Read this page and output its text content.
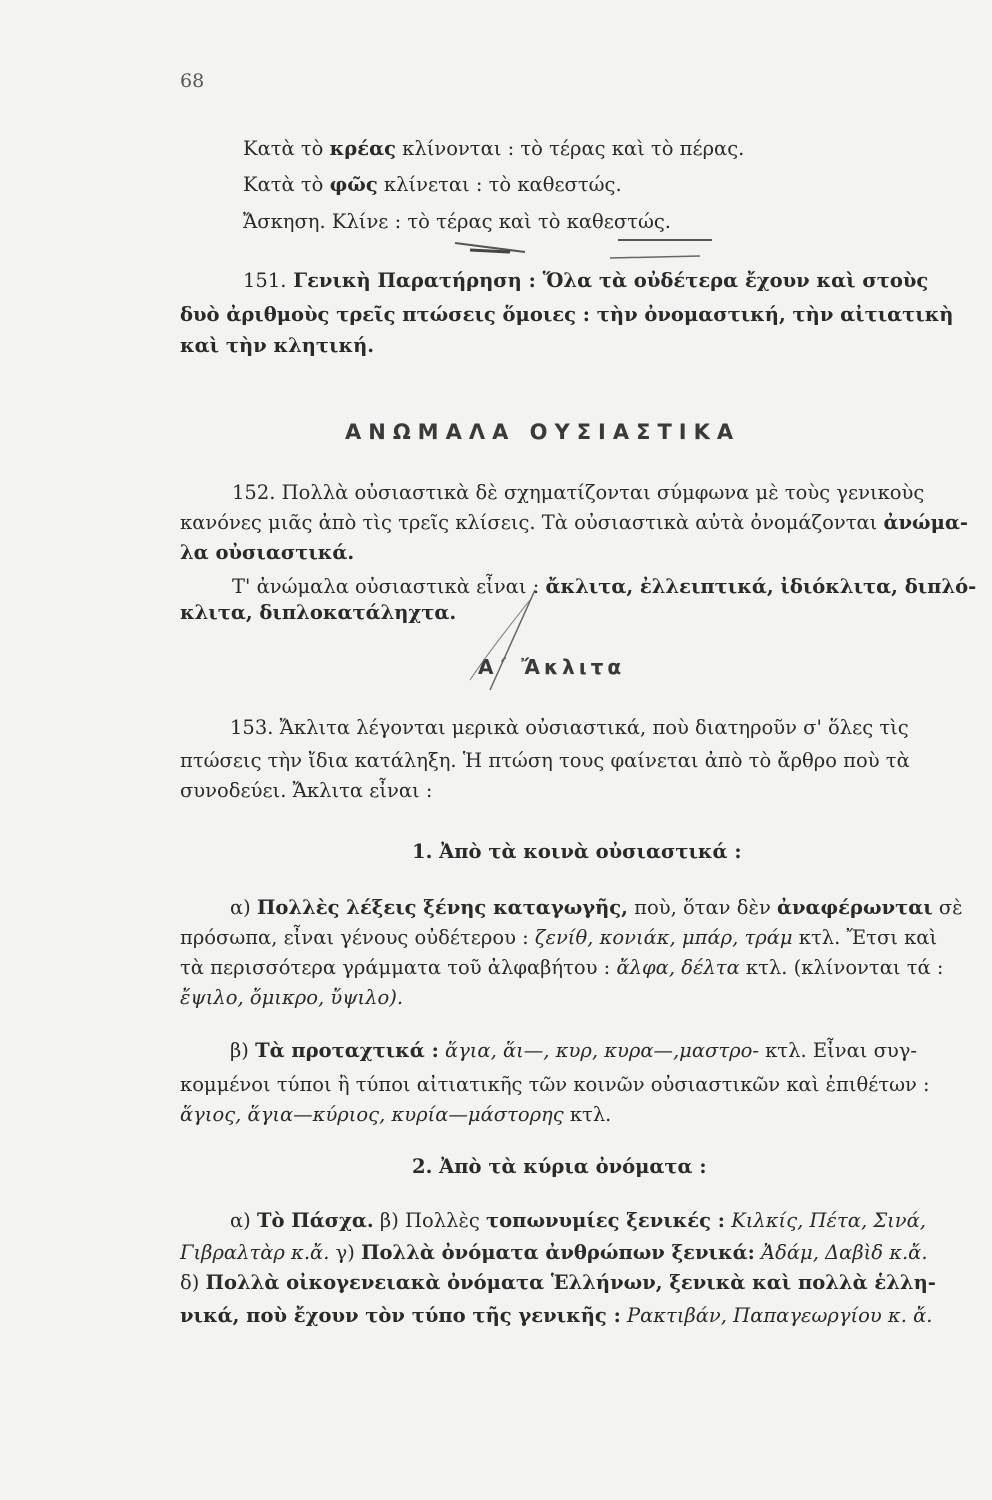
68
Κατὰ τὸ κρέας κλίνονται : τὸ τέρας καὶ τὸ πέρας.
Κατὰ τὸ φῶς κλίνεται : τὸ καθεστώς.
Ἄσκηση. Κλίνε : τὸ τέρας καὶ τὸ καθεστώς.
151. Γενικὴ Παρατήρηση : Ὅλα τὰ οὐδέτερα ἔχουν καὶ στοὺς
δυὸ ἀριθμοὺς τρεῖς πτώσεις ὅμοιες : τὴν ὀνομαστική, τὴν αἰτιατικὴ
καὶ τὴν κλητική.
ΑΝΩΜΑΛΑ ΟΥΣΙΑΣΤΙΚΑ
152. Πολλὰ οὐσιαστικὰ δὲ σχηματίζονται σύμφωνα μὲ τοὺς γενικοὺς
κανόνες μιᾶς ἀπὸ τὶς τρεῖς κλίσεις. Τὰ οὐσιαστικὰ αὐτὰ ὀνομάζονται ἀνώμα-
λα οὐσιαστικά.
Τ' ἀνώμαλα οὐσιαστικὰ εἶναι : ἄκλιτα, ἐλλειπτικά, ἰδιόκλιτα, διπλό-
κλιτα, διπλοκατάληχτα.
Α΄ Ἄκλιτα
153. Ἄκλιτα λέγονται μερικὰ οὐσιαστικά, ποὺ διατηροῦν σ' ὅλες τὶς
πτώσεις τὴν ἴδια κατάληξη. Ἡ πτώση τους φαίνεται ἀπὸ τὸ ἄρθρο ποὺ τὰ
συνοδεύει. Ἄκλιτα εἶναι :
1. Ἀπὸ τὰ κοινὰ οὐσιαστικά :
α) Πολλὲς λέξεις ξένης καταγωγῆς, ποὺ, ὅταν δὲν ἀναφέρωνται σὲ
πρόσωπα, εἶναι γένους οὐδέτερου : ζενίθ, κονιάκ, μπάρ, τράμ κτλ. Ἔτσι καὶ
τὰ περισσότερα γράμματα τοῦ ἀλφαβήτου : ἄλφα, δέλτα κτλ. (κλίνονται τά :
ἔψιλο, ὄμικρο, ὔψιλο).
β) Τὰ προταχτικά : ἅγια, ἅι—, κυρ, κυρα—,μαστρο- κτλ. Εἶναι συγ-
κομμένοι τύποι ἢ τύποι αἰτιατικῆς τῶν κοινῶν οὐσιαστικῶν καὶ ἐπιθέτων :
ἅγιος, ἅγια—κύριος, κυρία—μάστορης κτλ.
2. Ἀπὸ τὰ κύρια ὀνόματα :
α) Τὸ Πάσχα. β) Πολλὲς τοπωνυμίες ξενικές : Κιλκίς, Πέτα, Σινά,
Γιβραλτὰρ κ.ἄ. γ) Πολλὰ ὀνόματα ἀνθρώπων ξενικά: Ἀδάμ, Δαβὶδ κ.ἄ.
δ) Πολλὰ οἰκογενειακὰ ὀνόματα Ἑλλήνων, ξενικὰ καὶ πολλὰ ἑλλη-
νικά, ποὺ ἔχουν τὸν τύπο τῆς γενικῆς : Ρακτιβάν, Παπαγεωργίου κ. ἄ.
